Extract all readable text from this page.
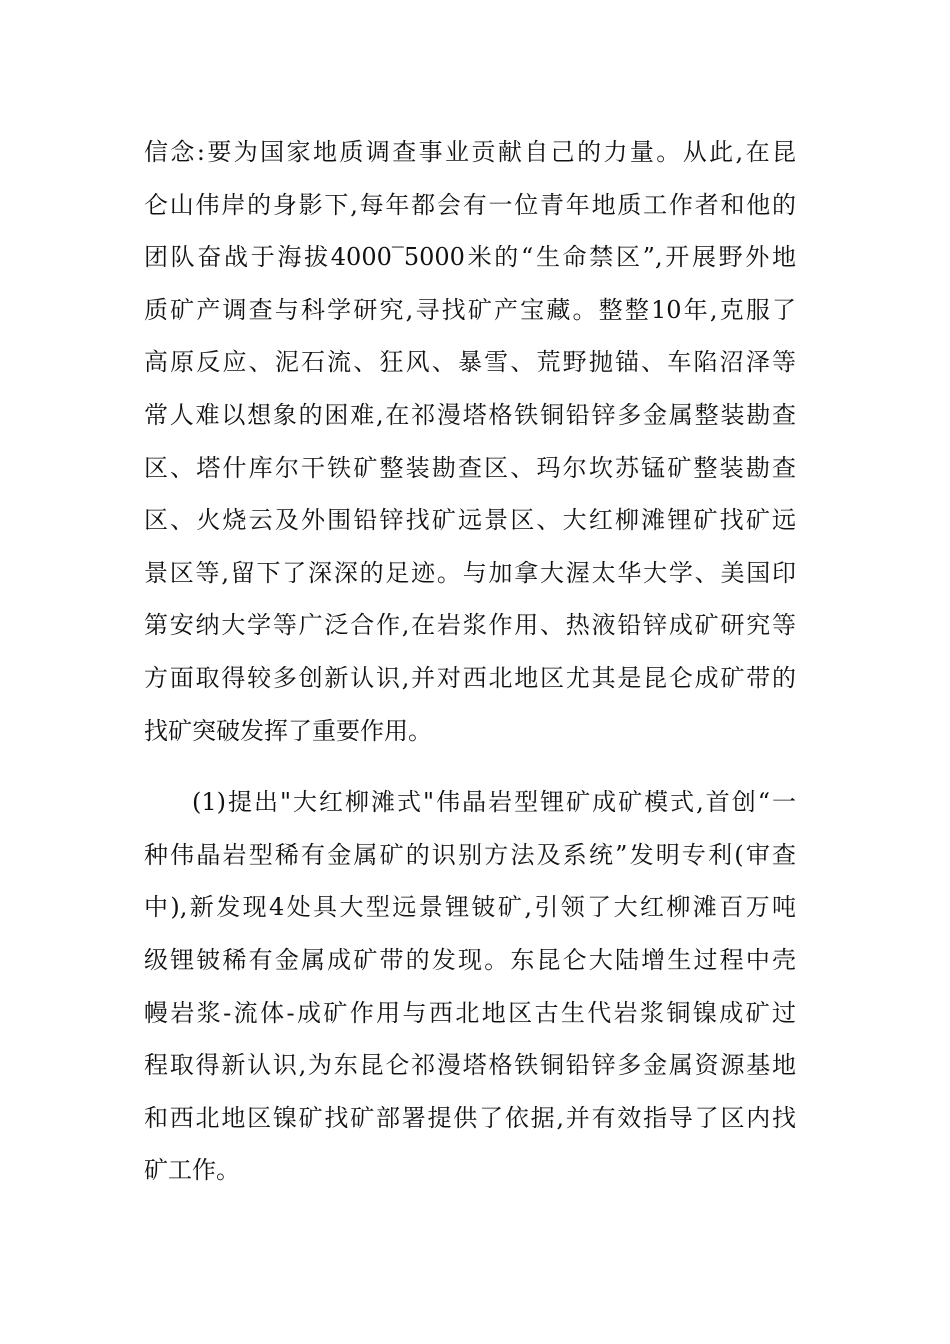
信念:要为国家地质调查事业贡献自己的力量。从此,在昆
仑山伟岸的身影下,每年都会有一位青年地质工作者和他的
团队奋战于海拔4000‾5000米的“生命禁区”,开展野外地
质矿产调查与科学研究,寻找矿产宝藏。整整10年,克服了
高原反应、泥石流、狂风、暴雪、荒野抛锚、车陷沼泽等
常人难以想象的困难,在祁漫塔格铁铜铅锌多金属整装勘查
区、塔什库尔干铁矿整装勘查区、玛尔坎苏锰矿整装勘查
区、火烧云及外围铅锌找矿远景区、大红柳滩锂矿找矿远
景区等,留下了深深的足迹。与加拿大渥太华大学、美国印
第安纳大学等广泛合作,在岩浆作用、热液铅锌成矿研究等
方面取得较多创新认识,并对西北地区尤其是昆仑成矿带的
找矿突破发挥了重要作用。
(1)提出"大红柳滩式"伟晶岩型锂矿成矿模式,首创“一
种伟晶岩型稀有金属矿的识别方法及系统”发明专利(审查
中),新发现4处具大型远景锂铍矿,引领了大红柳滩百万吨
级锂铍稀有金属成矿带的发现。东昆仑大陆增生过程中壳
幔岩浆-流体-成矿作用与西北地区古生代岩浆铜镍成矿过
程取得新认识,为东昆仑祁漫塔格铁铜铅锌多金属资源基地
和西北地区镍矿找矿部署提供了依据,并有效指导了区内找
矿工作。
